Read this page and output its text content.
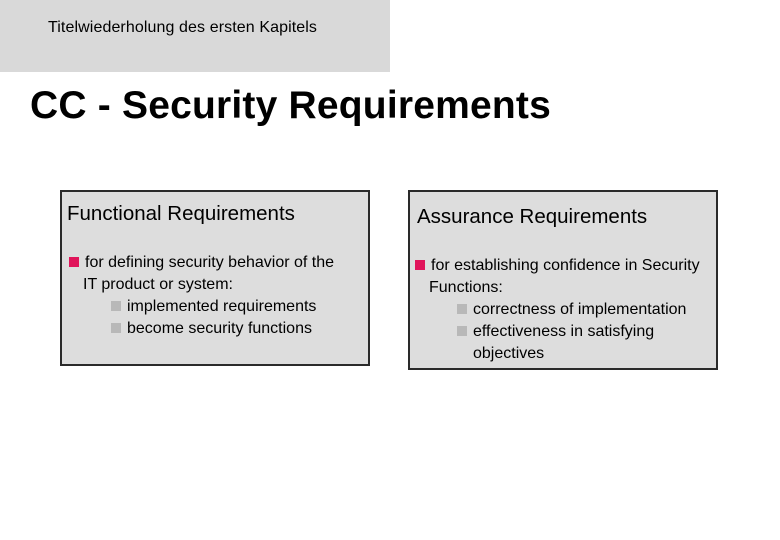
Titelwiederholung des ersten Kapitels
CC - Security Requirements
Functional Requirements
for defining security behavior of the
IT product or system:
implemented requirements
become security functions
Assurance Requirements
for establishing confidence in Security
Functions:
correctness of implementation
effectiveness in satisfying
objectives
